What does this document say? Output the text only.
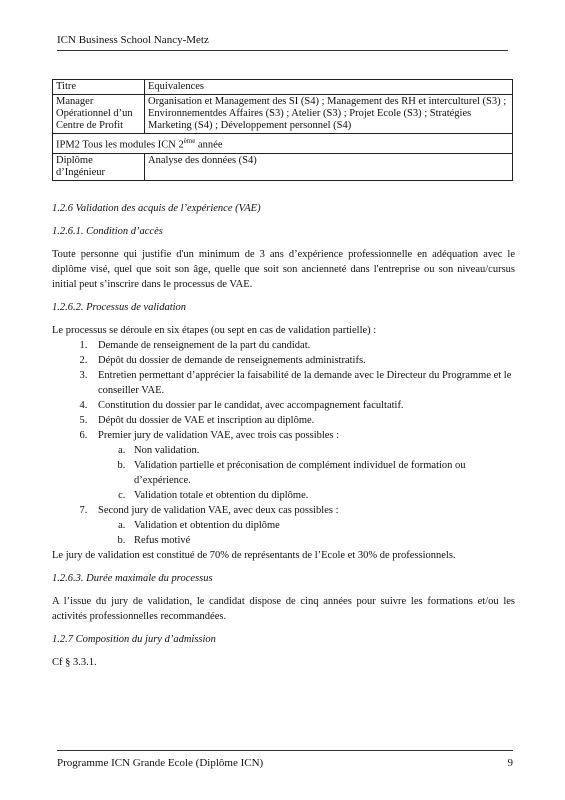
ICN Business School Nancy-Metz
Titre	Equivalences
Manager Opérationnel d’un Centre de Profit	Organisation et Management des SI (S4) ; Management des RH et interculturel (S3) ; Environnementdes Affaires (S3) ; Atelier (S3) ; Projet Ecole (S3) ; Stratégies Marketing (S4) ; Développement personnel (S4)
IPM2 Tous les modules ICN 2ème année	
Diplôme d’Ingénieur	Analyse des données (S4)

1.2.6 Validation des acquis de l’expérience (VAE)

1.2.6.1. Condition d’accès

Toute personne qui justifie d'un minimum de 3 ans d’expérience professionnelle en adéquation avec le diplôme visé, quel que soit son âge, quelle que soit son ancienneté dans l'entreprise ou son niveau/cursus initial peut s’inscrire dans le processus de VAE.

1.2.6.2. Processus de validation

Le processus se déroule en six étapes (ou sept en cas de validation partielle) :

1. Demande de renseignement de la part du candidat.
2. Dépôt du dossier de demande de renseignements administratifs.
3. Entretien permettant d’apprécier la faisabilité de la demande avec le Directeur du Programme et le conseiller VAE.
4. Constitution du dossier par le candidat, avec accompagnement facultatif.
5. Dépôt du dossier de VAE et inscription au diplôme.
6. Premier jury de validation VAE, avec trois cas possibles :
a. Non validation.
b. Validation partielle et préconisation de complément individuel de formation ou d’expérience.
c. Validation totale et obtention du diplôme.
7. Second jury de validation VAE, avec deux cas possibles :
a. Validation et obtention du diplôme
b. Refus motivé

Le jury de validation est constitué de 70% de représentants de l’Ecole et 30% de professionnels.

1.2.6.3. Durée maximale du processus

A l’issue du jury de validation, le candidat dispose de cinq années pour suivre les formations et/ou les activités professionnelles recommandées.

1.2.7 Composition du jury d’admission

Cf § 3.3.1.

Programme ICN Grande Ecole (Diplôme ICN)	9
